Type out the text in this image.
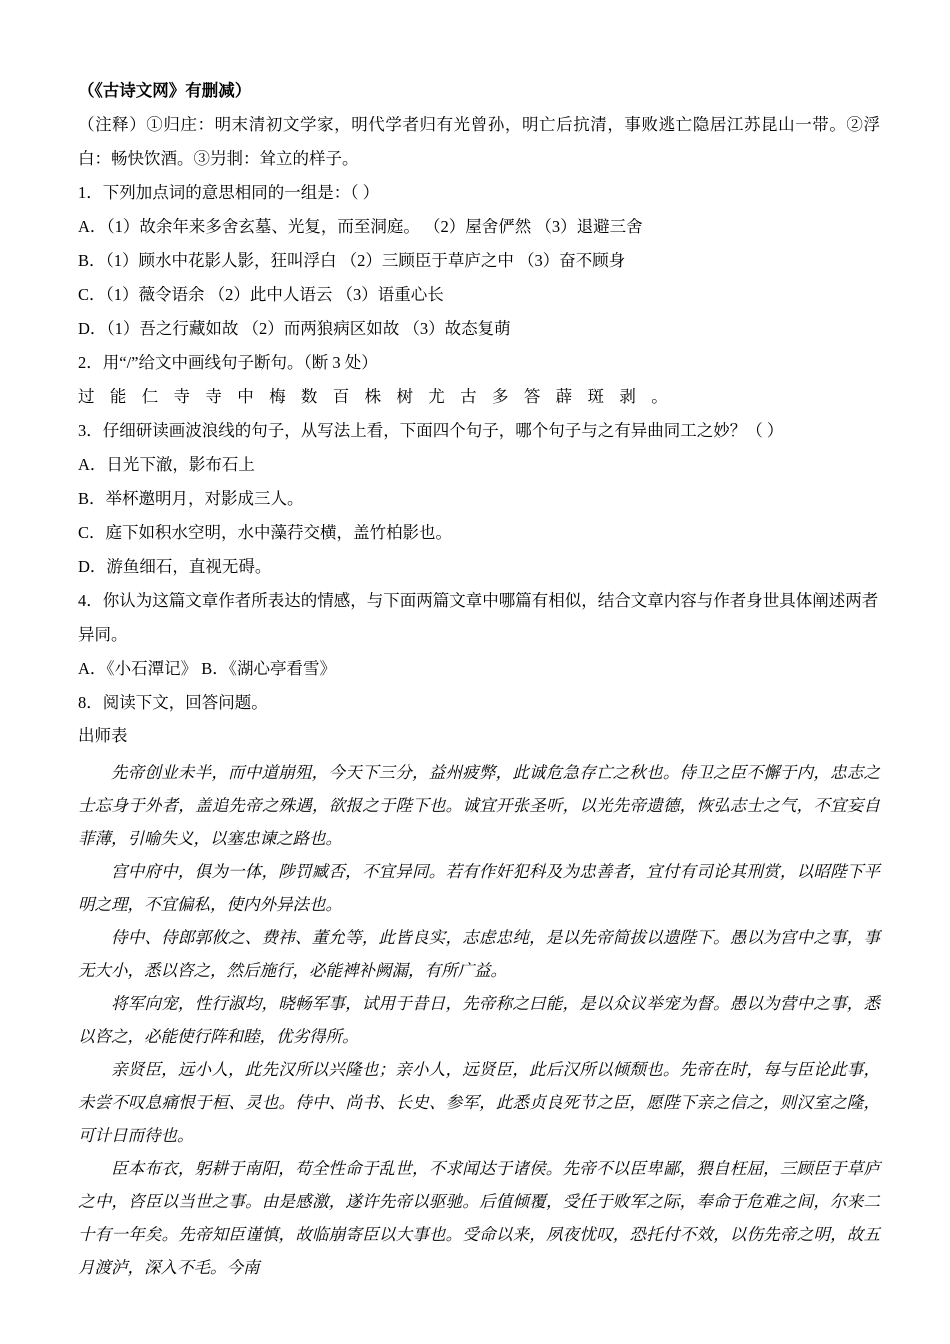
（《古诗文网》有删减）
（注释）①归庄：明末清初文学家，明代学者归有光曾孙，明亡后抗清，事败逃亡隐居江苏昆山一带。②浮白：畅快饮酒。③屶剕：耸立的样子。
1．下列加点词的意思相同的一组是：（ ）
A．（1）故余年来多舍玄墓、光复，而至洞庭。 （2）屋舍俨然 （3）退避三舍
B．（1）顾水中花影人影，狂叫浮白 （2）三顾臣于草庐之中 （3）奋不顾身
C．（1）薇令语余 （2）此中人语云 （3）语重心长
D．（1）吾之行藏如故 （2）而两狼病区如故 （3）故态复萌
2．用“/”给文中画线句子断句。（断 3 处）
过 能 仁 寺 寺 中 梅 数 百 株 树 尤 古 多 答 薜 斑 剥 。
3．仔细研读画波浪线的句子，从写法上看，下面四个句子，哪个句子与之有异曲同工之妙？（ ）
A．日光下澈，影布石上
B．举杯邀明月，对影成三人。
C．庭下如积水空明，水中藻荇交横，盖竹柏影也。
D．游鱼细石，直视无碍。
4．你认为这篇文章作者所表达的情感，与下面两篇文章中哪篇有相似，结合文章内容与作者身世具体阐述两者异同。
A．《小石潭记》 B．《湖心亭看雪》
8．阅读下文，回答问题。
出师表
先帝创业未半，而中道崩殂，今天下三分，益州疲弊，此诚危急存亡之秋也。侍卫之臣不懈于内，忠志之士忘身于外者，盖追先帝之殊遇，欲报之于陛下也。诚宜开张圣听，以光先帝遗德，恢弘志士之气，不宜妄自菲薄，引喻失义，以塞忠谏之路也。
宫中府中，俱为一体，陟罚臧否，不宜异同。若有作奸犯科及为忠善者，宜付有司论其刑赏，以昭陛下平明之理，不宜偏私，使内外异法也。
侍中、侍郎郭攸之、费祎、董允等，此皆良实，志虑忠纯，是以先帝简拔以遗陛下。愚以为宫中之事，事无大小，悉以咨之，然后施行，必能裨补阙漏，有所广益。
将军向宠，性行淑均，晓畅军事，试用于昔日，先帝称之曰能，是以众议举宠为督。愚以为营中之事，悉以咨之，必能使行阵和睦，优劣得所。
亲贤臣，远小人，此先汉所以兴隆也；亲小人，远贤臣，此后汉所以倾颓也。先帝在时，每与臣论此事，未尝不叹息痛恨于桓、灵也。侍中、尚书、长史、参军，此悉贞良死节之臣，愿陛下亲之信之，则汉室之隆，可计日而待也。
臣本布衣，躬耕于南阳，苟全性命于乱世，不求闻达于诸侯。先帝不以臣卑鄙，猥自枉屈，三顾臣于草庐之中，咨臣以当世之事。由是感激，遂许先帝以驱驰。后值倾覆，受任于败军之际，奉命于危难之间，尔来二十有一年矣。先帝知臣谨慎，故临崩寄臣以大事也。受命以来，夙夜忧叹，恐托付不效，以伤先帝之明，故五月渡泸，深入不毛。今南
